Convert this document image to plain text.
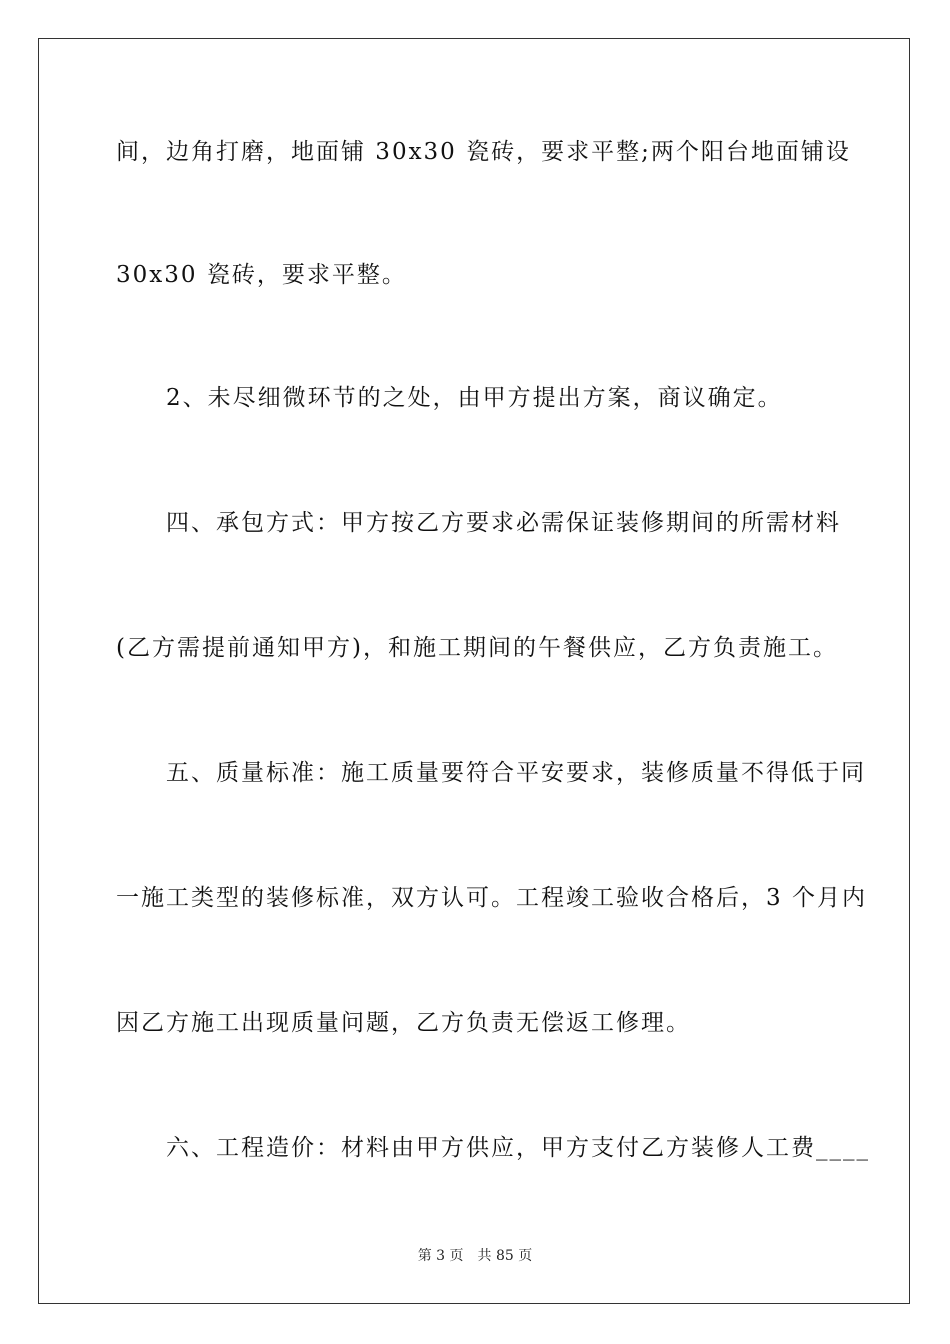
间，边角打磨，地面铺 30x30 瓷砖，要求平整;两个阳台地面铺设
30x30 瓷砖，要求平整。
　　2、未尽细微环节的之处，由甲方提出方案，商议确定。
　　四、承包方式：甲方按乙方要求必需保证装修期间的所需材料
(乙方需提前通知甲方)，和施工期间的午餐供应，乙方负责施工。
　　五、质量标准：施工质量要符合平安要求，装修质量不得低于同
一施工类型的装修标准，双方认可。工程竣工验收合格后，3 个月内
因乙方施工出现质量问题，乙方负责无偿返工修理。
　　六、工程造价：材料由甲方供应，甲方支付乙方装修人工费____
第 3 页 共 85 页
